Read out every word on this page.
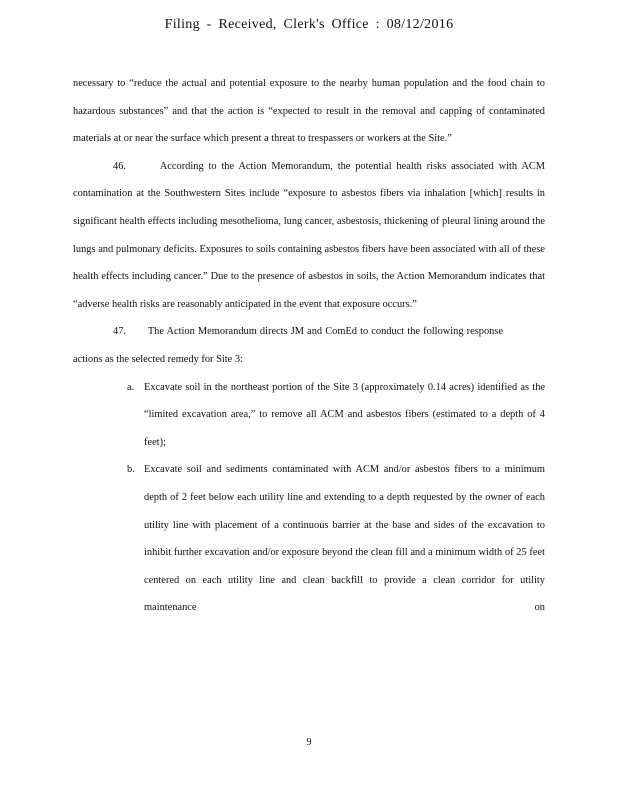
Filing - Received, Clerk's Office : 08/12/2016

necessary to “reduce the actual and potential exposure to the nearby human population and the food chain to hazardous substances” and that the action is “expected to result in the removal and capping of contaminated materials at or near the surface which present a threat to trespassers or workers at the Site.”

46.	According to the Action Memorandum, the potential health risks associated with ACM contamination at the Southwestern Sites include “exposure to asbestos fibers via inhalation [which] results in significant health effects including mesothelioma, lung cancer, asbestosis, thickening of pleural lining around the lungs and pulmonary deficits. Exposures to soils containing asbestos fibers have been associated with all of these health effects including cancer.” Due to the presence of asbestos in soils, the Action Memorandum indicates that “adverse health risks are reasonably anticipated in the event that exposure occurs.”

47. The Action Memorandum directs JM and ComEd to conduct the following response actions as the selected remedy for Site 3:

a. Excavate soil in the northeast portion of the Site 3 (approximately 0.14 acres) identified as the “limited excavation area,” to remove all ACM and asbestos fibers (estimated to a depth of 4 feet);
b. Excavate soil and sediments contaminated with ACM and/or asbestos fibers to a minimum depth of 2 feet below each utility line and extending to a depth requested by the owner of each utility line with placement of a continuous barrier at the base and sides of the excavation to inhibit further excavation and/or exposure beyond the clean fill and a minimum width of 25 feet centered on each utility line and clean backfill to provide a clean corridor for utility maintenance on
9
